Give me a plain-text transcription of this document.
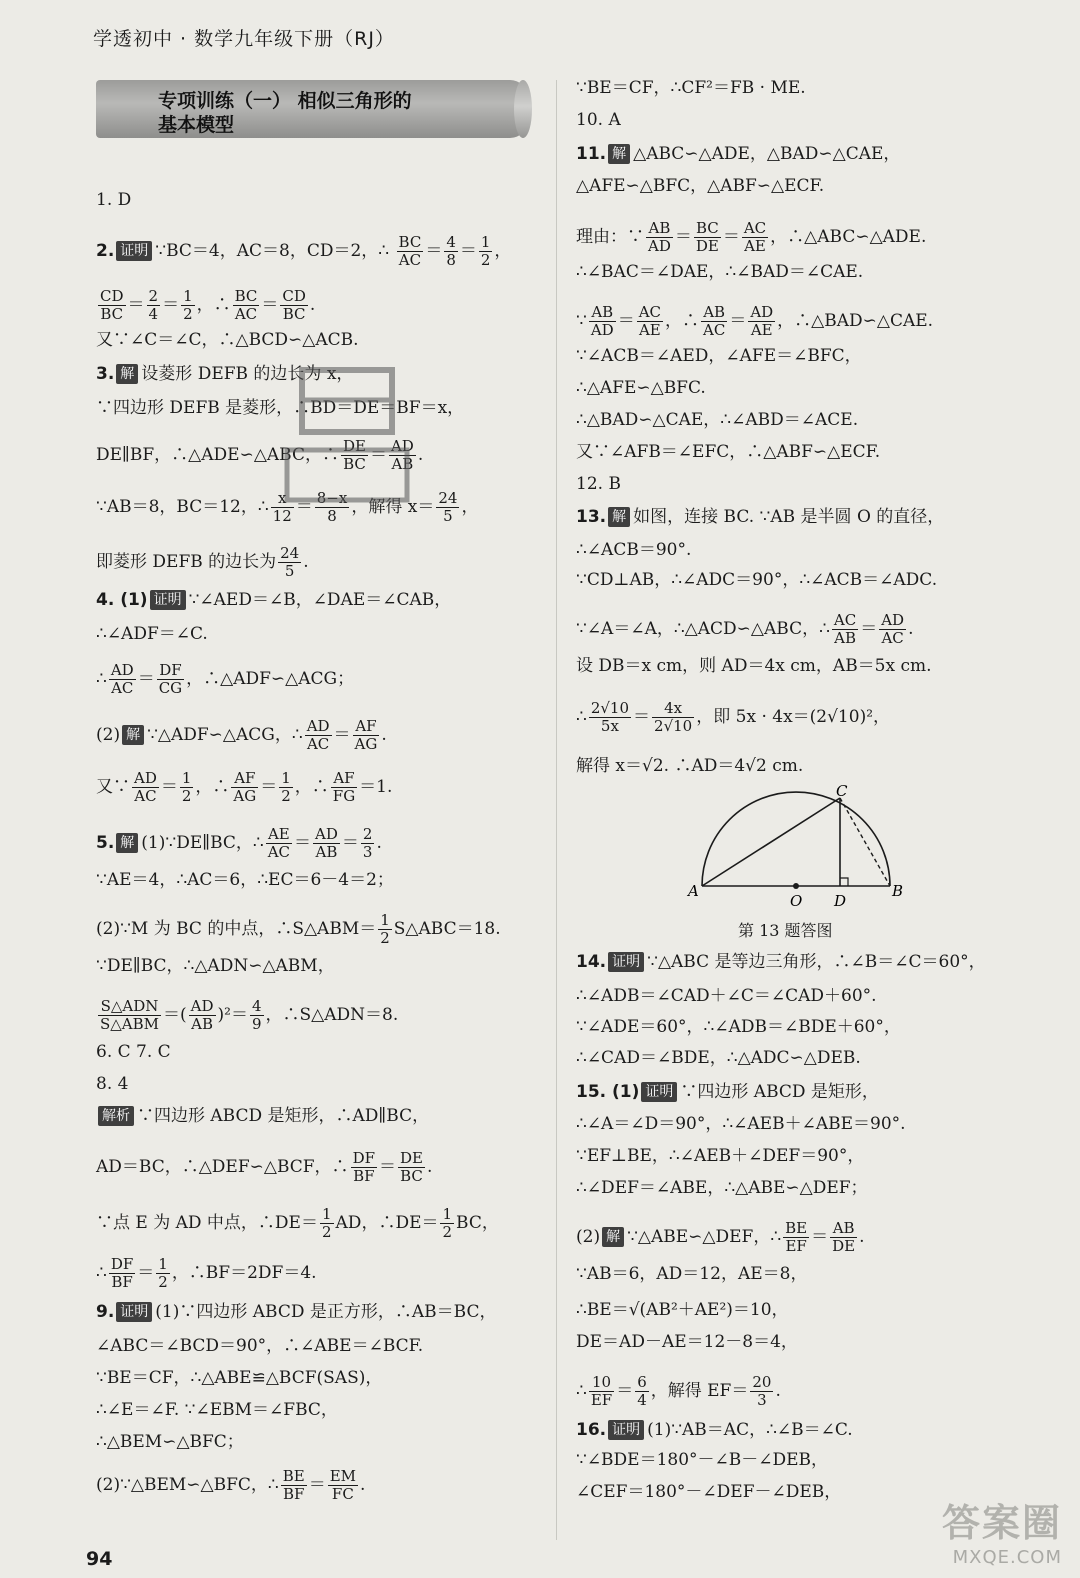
学透初中 · 数学九年级下册（RJ）
专项训练（一） 相似三角形的
基本模型
1. D
2. 证明 ∵BC＝4，AC＝8，CD＝2，∴ $\frac{BC}{AC} = \frac{4}{8} = \frac{1}{2}$ ，
$\frac{CD}{BC} = \frac{2}{4} = \frac{1}{2}$ ，∴ $\frac{BC}{AC} = \frac{CD}{BC}$ .
又∵∠C＝∠C，∴△BCD∽△ACB.
3. 解 设菱形 DEFB 的边长为 x，
∵四边形 DEFB 是菱形，∴BD＝DE＝BF＝x，
DE∥BF，∴△ADE∽△ABC，∴ $\frac{DE}{BC} = \frac{AD}{AB}$ .
∵AB＝8，BC＝12，∴ $\frac{x}{12} = \frac{8-x}{8}$ ，解得 $x= \frac{24}{5}$ ，
即菱形 DEFB 的边长为 $\frac{24}{5}$ .
4. (1) 证明 ∵∠AED＝∠B，∠DAE＝∠CAB，
∴∠ADF＝∠C.
∴ $\frac{AD}{AC} = \frac{DF}{CG}$ ，∴△ADF∽△ACG；
(2) 解 ∵△ADF∽△ACG，∴ $\frac{AD}{AC} = \frac{AF}{AG}$ .
又∵ $\frac{AD}{AC} = \frac{1}{2}$ ，∴ $\frac{AF}{AG} = \frac{1}{2}$ ，∴ $\frac{AF}{FG} =1$.
5. 解 (1)∵DE∥BC，∴ $\frac{AE}{AC} = \frac{AD}{AB} = \frac{2}{3}$ .
∵AE＝4，∴AC＝6，∴EC＝6－4＝2；
(2)∵M 为 BC 的中点，∴S△ABM＝ $\frac{1}{2}$ S△ABC＝18.
∵DE∥BC，∴△ADN∽△ABM，
$\frac{\text{S△ADN}}{\text{S△ABM}}$ ＝( $\frac{AD}{AB} )^2= \frac{4}{9}$ ，∴S△ADN＝8.
6. C 7. C
8. 4
解析 ∵四边形 ABCD 是矩形，∴AD∥BC，
AD＝BC，∴△DEF∽△BCF，∴ $\frac{DF}{BF} = \frac{DE}{BC}$ .
∵点 E 为 AD 中点，∴DE＝ $\frac{1}{2}$ AD，∴DE＝ $\frac{1}{2}$ BC，
∴ $\frac{DF}{BF} = \frac{1}{2}$ ，∴BF＝2DF＝4.
9. 证明 (1)∵四边形 ABCD 是正方形，∴AB＝BC，
∠ABC＝∠BCD＝90°，∴∠ABE＝∠BCF.
∵BE＝CF，∴△ABE≌△BCF(SAS)，
∴∠E＝∠F. ∵∠EBM＝∠FBC，
∴△BEM∽△BFC；
(2)∵△BEM∽△BFC，∴ $\frac{BE}{BF} = \frac{EM}{FC}$ .
∵BE＝CF，∴CF²＝FB · ME.
10. A
11. 解 △ABC∽△ADE，△BAD∽△CAE，
△AFE∽△BFC，△ABF∽△ECF.
理由：∵ $\frac{AB}{AD} = \frac{BC}{DE} = \frac{AC}{AE}$ ，∴△ABC∽△ADE.
∴∠BAC＝∠DAE，∴∠BAD＝∠CAE.
∵ $\frac{AB}{AD} = \frac{AC}{AE}$ ，∴ $\frac{AB}{AC} = \frac{AD}{AE}$ ，∴△BAD∽△CAE.
∵∠ACB＝∠AED，∠AFE＝∠BFC，
∴△AFE∽△BFC.
∴△BAD∽△CAE，∴∠ABD＝∠ACE.
又∵∠AFB＝∠EFC，∴△ABF∽△ECF.
12. B
13. 解 如图，连接 BC. ∵AB 是半圆 O 的直径，
∴∠ACB＝90°.
∵CD⊥AB，∴∠ADC＝90°，∴∠ACB＝∠ADC.
∵∠A＝∠A，∴△ACD∽△ABC，∴ $\frac{AC}{AB} = \frac{AD}{AC}$ .
设 DB＝x cm，则 AD＝4x cm，AB＝5x cm.
∴ $\frac{2√10}{5x} = \frac{4x}{2√10}$ ，即 5x · 4x＝(2√10)²，
解得 x＝√2. ∴AD＝4√2 cm.
14. 证明 ∵△ABC 是等边三角形，∴∠B＝∠C＝60°，
∴∠ADB＝∠CAD＋∠C＝∠CAD＋60°.
∵∠ADE＝60°，∴∠ADB＝∠BDE＋60°，
∴∠CAD＝∠BDE，∴△ADC∽△DEB.
15. (1) 证明 ∵四边形 ABCD 是矩形，
∴∠A＝∠D＝90°，∴∠AEB＋∠ABE＝90°.
∵EF⊥BE，∴∠AEB＋∠DEF＝90°，
∴∠DEF＝∠ABE，∴△ABE∽△DEF；
(2) 解 ∵△ABE∽△DEF，∴ $\frac{BE}{EF} = \frac{AB}{DE}$ .
∵AB＝6，AD＝12，AE＝8，
∴BE＝√(AB²＋AE²)＝10，
DE＝AD－AE＝12－8＝4，
∴ $\frac{10}{EF} = \frac{6}{4}$ ，解得 $EF= \frac{20}{3}$ .
16. 证明 (1)∵AB＝AC，∴∠B＝∠C.
∵∠BDE＝180°－∠B－∠DEB，
∠CEF＝180°－∠DEF－∠DEB，
A	B
C
D
O
第 13 题答图
94
答案圈
MXQE.COM
